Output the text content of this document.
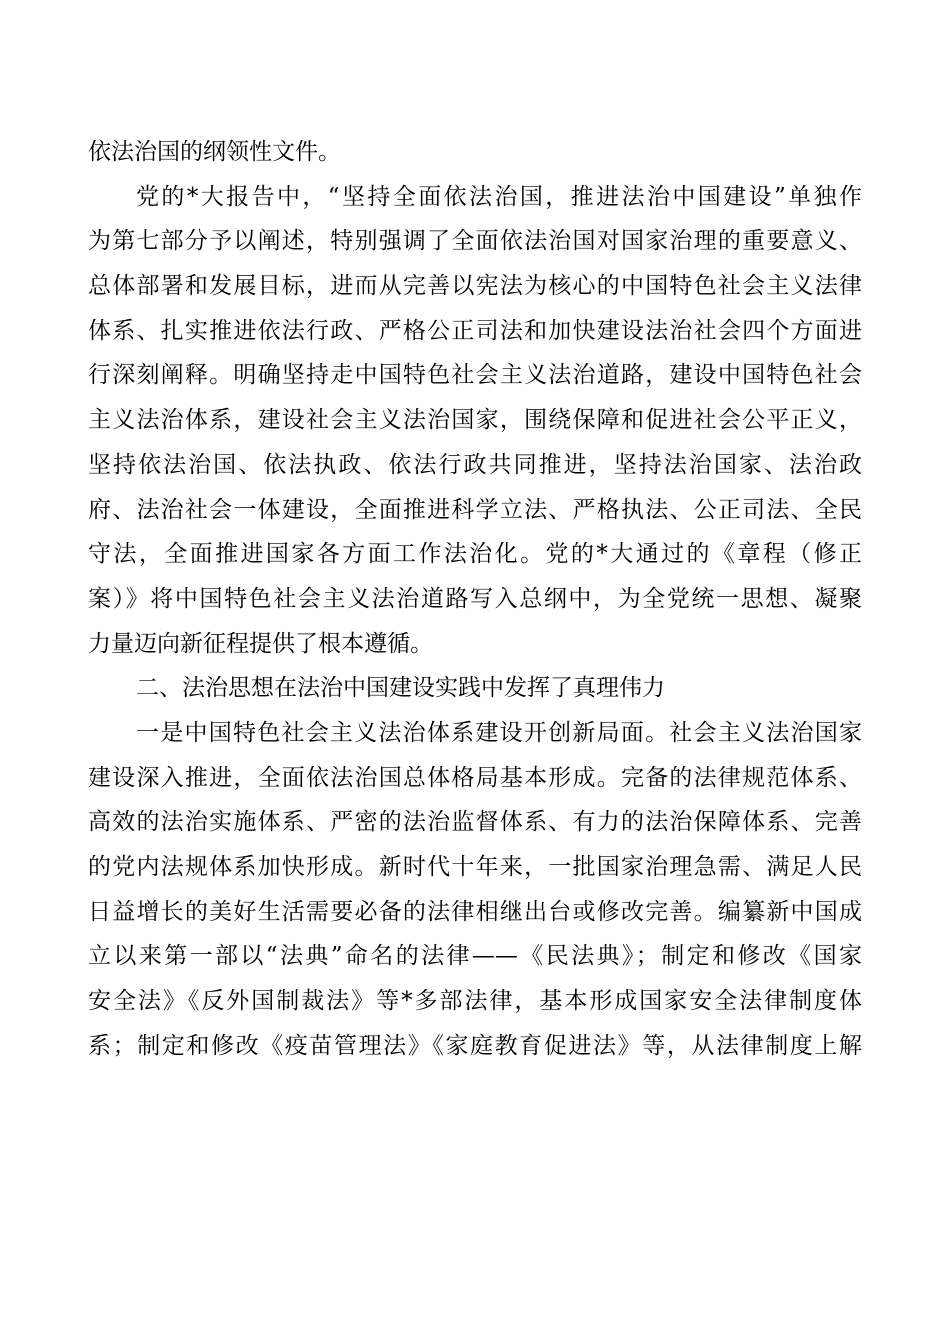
依法治国的纲领性文件。
党的*大报告中，“坚持全面依法治国，推进法治中国建设”单独作
为第七部分予以阐述，特别强调了全面依法治国对国家治理的重要意义、
总体部署和发展目标，进而从完善以宪法为核心的中国特色社会主义法律
体系、扎实推进依法行政、严格公正司法和加快建设法治社会四个方面进
行深刻阐释。明确坚持走中国特色社会主义法治道路，建设中国特色社会
主义法治体系，建设社会主义法治国家，围绕保障和促进社会公平正义，
坚持依法治国、依法执政、依法行政共同推进，坚持法治国家、法治政
府、法治社会一体建设，全面推进科学立法、严格执法、公正司法、全民
守法，全面推进国家各方面工作法治化。党的*大通过的《章程（修正
案）》将中国特色社会主义法治道路写入总纲中，为全党统一思想、凝聚
力量迈向新征程提供了根本遵循。
二、法治思想在法治中国建设实践中发挥了真理伟力
一是中国特色社会主义法治体系建设开创新局面。社会主义法治国家
建设深入推进，全面依法治国总体格局基本形成。完备的法律规范体系、
高效的法治实施体系、严密的法治监督体系、有力的法治保障体系、完善
的党内法规体系加快形成。新时代十年来，一批国家治理急需、满足人民
日益增长的美好生活需要必备的法律相继出台或修改完善。编纂新中国成
立以来第一部以“法典”命名的法律——《民法典》；制定和修改《国家
安全法》《反外国制裁法》等*多部法律，基本形成国家安全法律制度体
系；制定和修改《疫苗管理法》《家庭教育促进法》等，从法律制度上解
